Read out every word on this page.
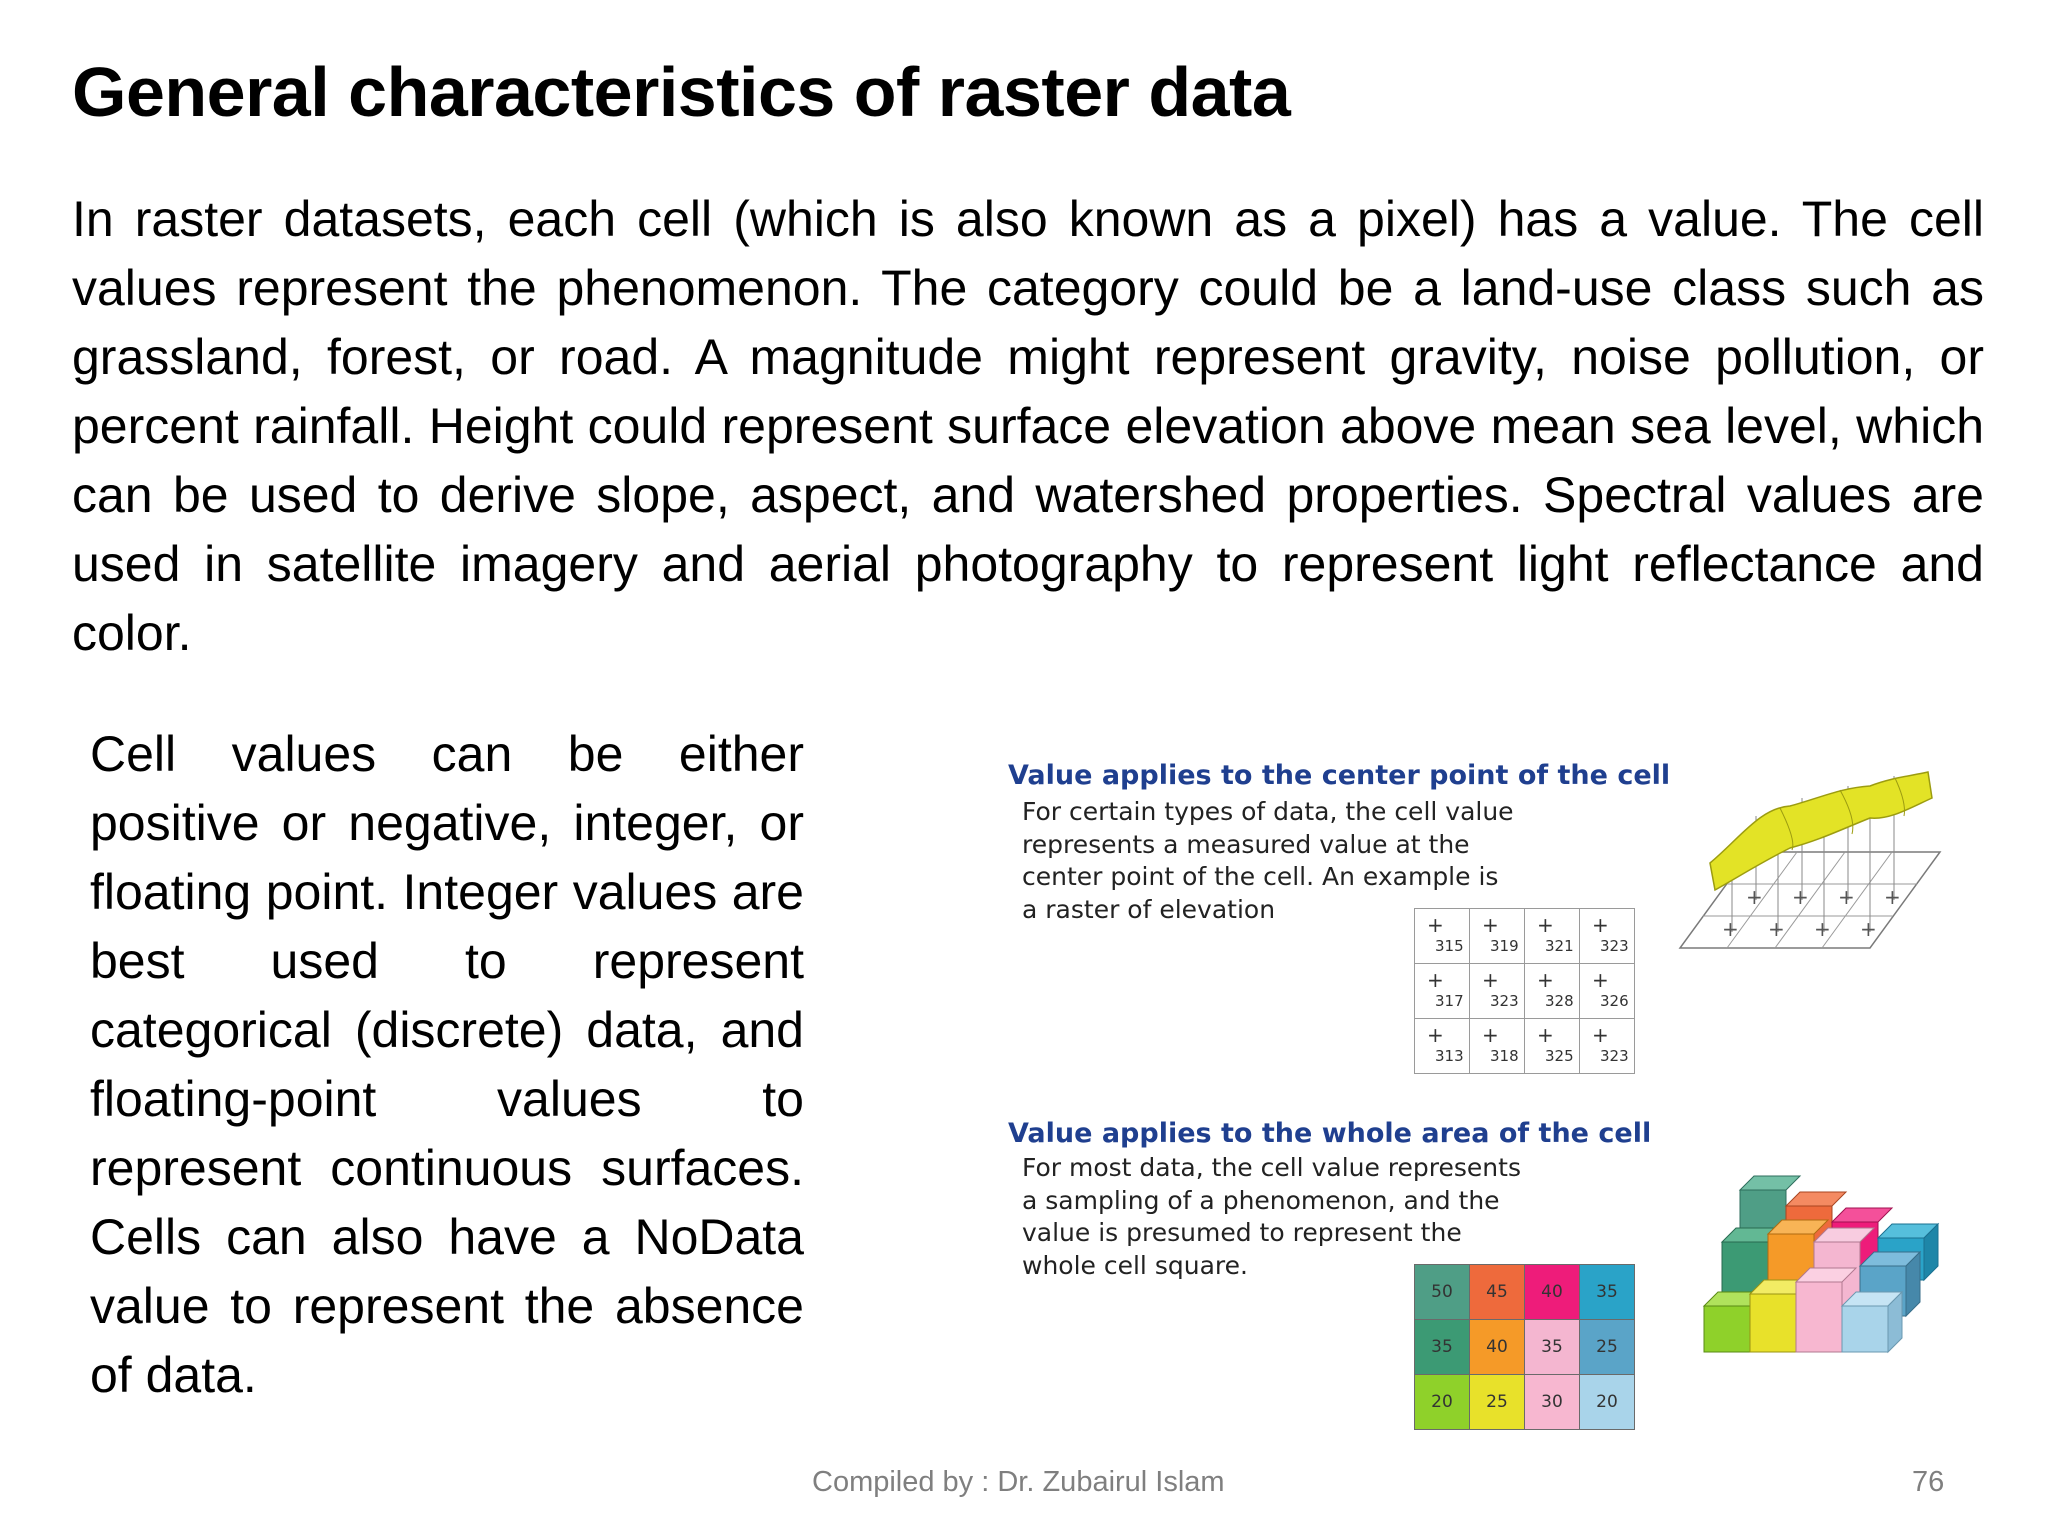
General characteristics of raster data

In raster datasets, each cell (which is also known as a pixel) has a value. The cell values represent the phenomenon. The category could be a land-use class such as grassland, forest, or road. A magnitude might represent gravity, noise pollution, or percent rainfall. Height could represent surface elevation above mean sea level, which can be used to derive slope, aspect, and watershed properties. Spectral values are used in satellite imagery and aerial photography to represent light reflectance and color.

Cell values can be either positive or negative, integer, or floating point. Integer values are best used to represent categorical (discrete) data, and floating-point values to represent continuous surfaces. Cells can also have a NoData value to represent the absence of data.

Value applies to the center point of the cell

For certain types of data, the cell value
represents a measured value at the
center point of the cell. An example is
a raster of elevation

+
315	+
319	+
321	+
323

+
317	+
323	+
328	+
326

+
313	+
318	+
325	+
323
+ + + +
+ + + +

Value applies to the whole area of the cell

For most data, the cell value represents
a sampling of a phenomenon, and the
value is presumed to represent the
whole cell square.

50	45	40	35
35	40	35	25
20	25	30	20

Compiled by : Dr. Zubairul Islam	76
